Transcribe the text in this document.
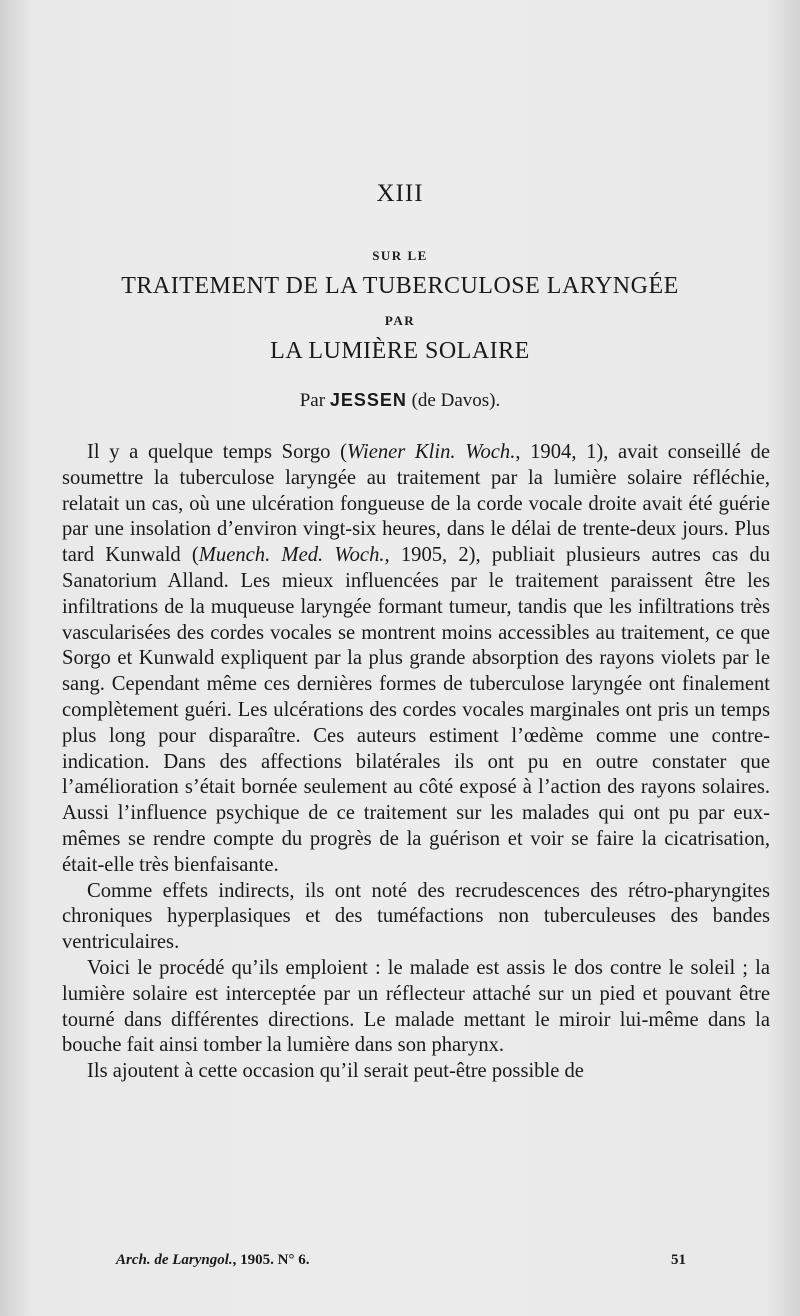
XIII
SUR LE
TRAITEMENT DE LA TUBERCULOSE LARYNGÉE
PAR
LA LUMIÈRE SOLAIRE
Par JESSEN (de Davos).

Il y a quelque temps Sorgo (Wiener Klin. Woch., 1904, 1), avait conseillé de soumettre la tuberculose laryngée au traitement par la lumière solaire réfléchie, relatait un cas, où une ulcération fongueuse de la corde vocale droite avait été guérie par une insolation d’environ vingt-six heures, dans le délai de trente-deux jours. Plus tard Kunwald (Muench. Med. Woch., 1905, 2), publiait plusieurs autres cas du Sanatorium Alland. Les mieux influencées par le traitement paraissent être les infiltrations de la muqueuse laryngée formant tumeur, tandis que les infiltrations très vascularisées des cordes vocales se montrent moins accessibles au traitement, ce que Sorgo et Kunwald expliquent par la plus grande absorption des rayons violets par le sang. Cependant même ces dernières formes de tuberculose laryngée ont finalement complètement guéri. Les ulcérations des cordes vocales marginales ont pris un temps plus long pour disparaître. Ces auteurs estiment l’œdème comme une contre-indication. Dans des affections bilatérales ils ont pu en outre constater que l’amélioration s’était bornée seulement au côté exposé à l’action des rayons solaires. Aussi l’influence psychique de ce traitement sur les malades qui ont pu par eux-mêmes se rendre compte du progrès de la guérison et voir se faire la cicatrisation, était-elle très bienfaisante.

Comme effets indirects, ils ont noté des recrudescences des rétro-pharyngites chroniques hyperplasiques et des tuméfactions non tuberculeuses des bandes ventriculaires.

Voici le procédé qu’ils emploient : le malade est assis le dos contre le soleil ; la lumière solaire est interceptée par un réflecteur attaché sur un pied et pouvant être tourné dans différentes directions. Le malade mettant le miroir lui-même dans la bouche fait ainsi tomber la lumière dans son pharynx.

Ils ajoutent à cette occasion qu’il serait peut-être possible de

Arch. de Laryngol., 1905. N° 6.	51
